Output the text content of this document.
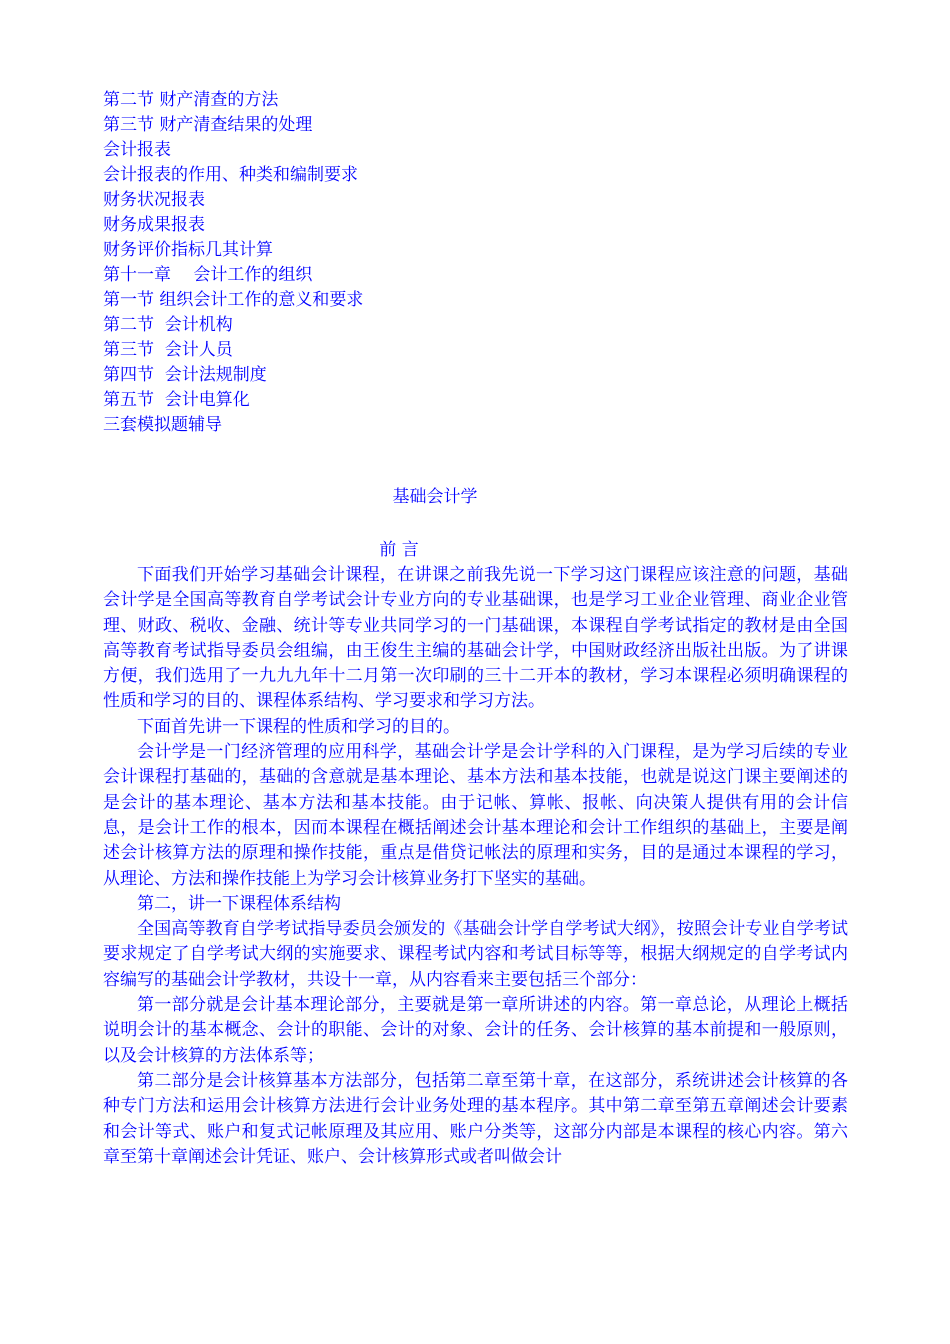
第二节 财产清查的方法
第三节 财产清查结果的处理
会计报表
会计报表的作用、种类和编制要求
财务状况报表
财务成果报表
财务评价指标几其计算
第十一章　 会计工作的组织
第一节 组织会计工作的意义和要求
第二节  会计机构
第三节  会计人员
第四节  会计法规制度
第五节  会计电算化
三套模拟题辅导
基础会计学
前 言

下面我们开始学习基础会计课程，在讲课之前我先说一下学习这门课程应该注意的问题，基础会计学是全国高等教育自学考试会计专业方向的专业基础课，也是学习工业企业管理、商业企业管理、财政、税收、金融、统计等专业共同学习的一门基础课，本课程自学考试指定的教材是由全国高等教育考试指导委员会组编，由王俊生主编的基础会计学，中国财政经济出版社出版。为了讲课方便，我们选用了一九九九年十二月第一次印刷的三十二开本的教材，学习本课程必须明确课程的性质和学习的目的、课程体系结构、学习要求和学习方法。

下面首先讲一下课程的性质和学习的目的。

会计学是一门经济管理的应用科学，基础会计学是会计学科的入门课程，是为学习后续的专业会计课程打基础的，基础的含意就是基本理论、基本方法和基本技能，也就是说这门课主要阐述的是会计的基本理论、基本方法和基本技能。由于记帐、算帐、报帐、向决策人提供有用的会计信息，是会计工作的根本，因而本课程在概括阐述会计基本理论和会计工作组织的基础上，主要是阐述会计核算方法的原理和操作技能，重点是借贷记帐法的原理和实务，目的是通过本课程的学习，从理论、方法和操作技能上为学习会计核算业务打下坚实的基础。

第二，讲一下课程体系结构

全国高等教育自学考试指导委员会颁发的《基础会计学自学考试大纲》，按照会计专业自学考试要求规定了自学考试大纲的实施要求、课程考试内容和考试目标等等，根据大纲规定的自学考试内容编写的基础会计学教材，共设十一章，从内容看来主要包括三个部分：

第一部分就是会计基本理论部分，主要就是第一章所讲述的内容。第一章总论，从理论上概括说明会计的基本概念、会计的职能、会计的对象、会计的任务、会计核算的基本前提和一般原则，以及会计核算的方法体系等；

第二部分是会计核算基本方法部分，包括第二章至第十章，在这部分，系统讲述会计核算的各种专门方法和运用会计核算方法进行会计业务处理的基本程序。其中第二章至第五章阐述会计要素和会计等式、账户和复式记帐原理及其应用、账户分类等，这部分内部是本课程的核心内容。第六章至第十章阐述会计凭证、账户、会计核算形式或者叫做会计
